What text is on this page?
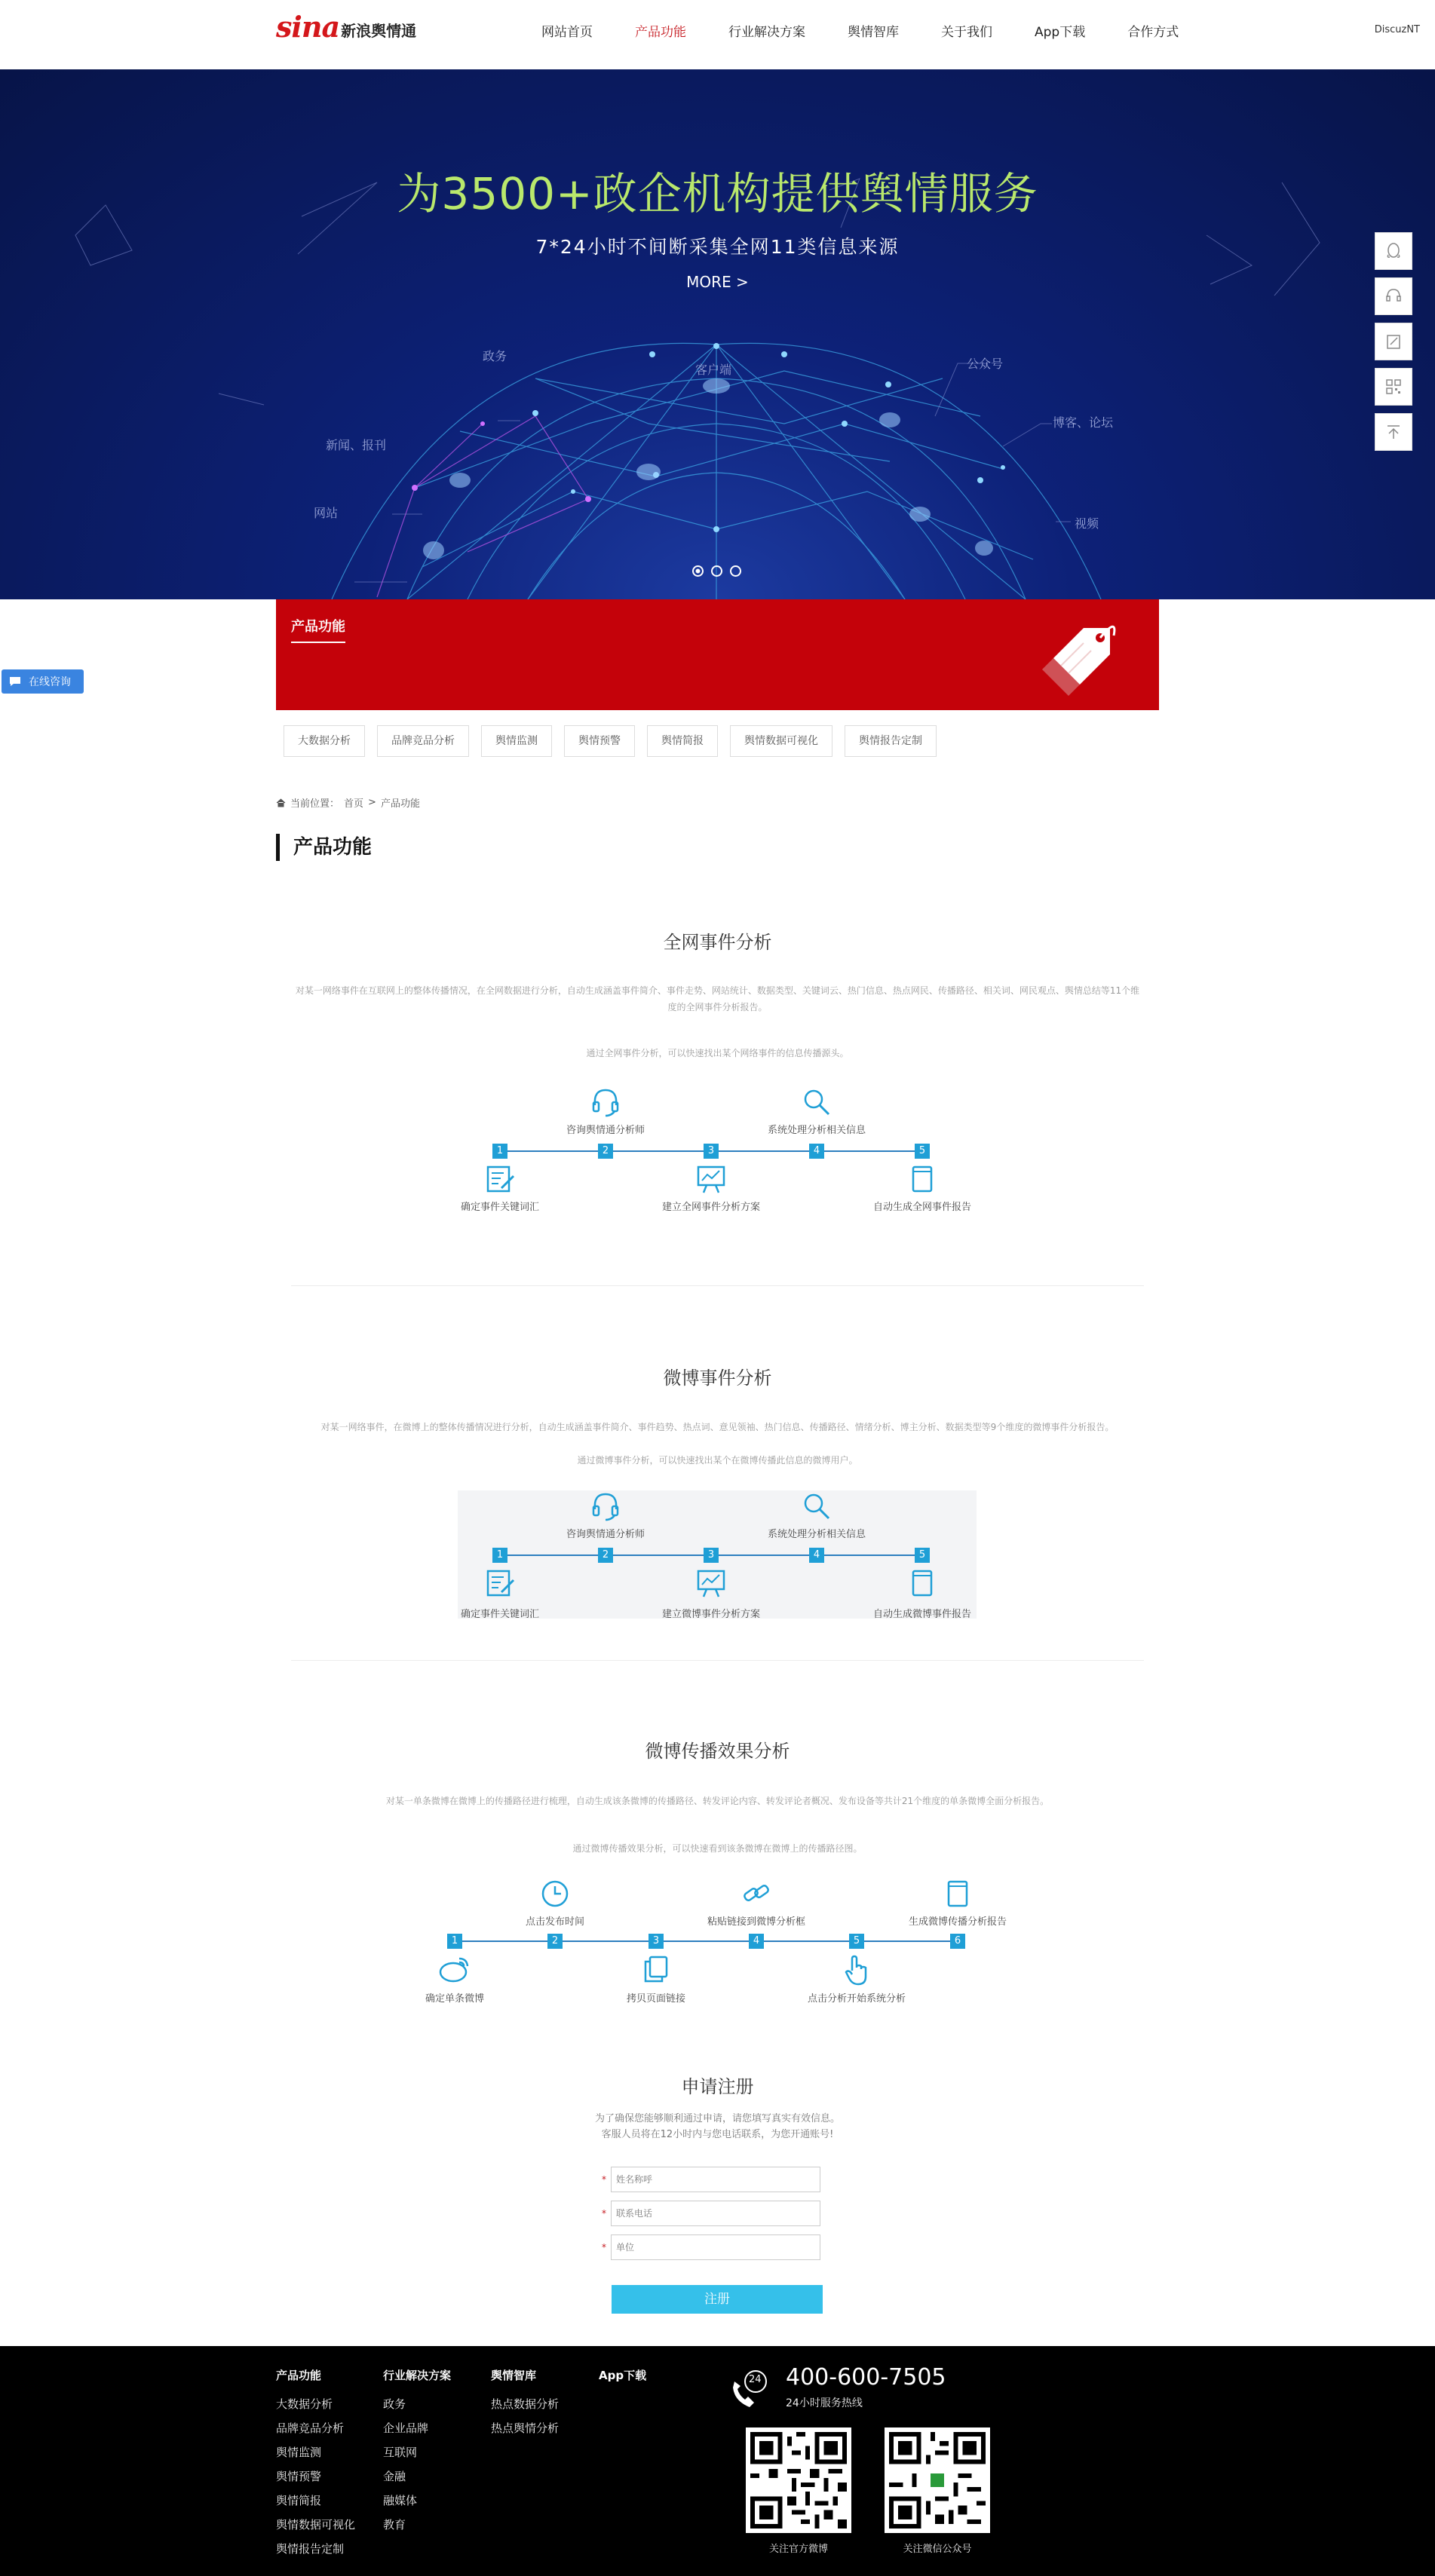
sina 新浪舆情通	网站首页	产品功能	行业解决方案	舆情智库	关于我们	App下载	合作方式	DiscuzNT
为3500+政企机构提供舆情服务
7*24小时不间断采集全网11类信息来源
MORE >
政务
客户端	公众号
新闻、报刊
博客、论坛
网站
视频
在线咨询
产品功能
大数据分析	品牌竞品分析	舆情监测	舆情预警	舆情简报	舆情数据可视化	舆情报告定制
当前位置： 首页 > 产品功能
产品功能
全网事件分析
对某一网络事件在互联网上的整体传播情况，在全网数据进行分析，自动生成涵盖事件简介、事件走势、网站统计、数据类型、关键词云、热门信息、热点网民、传播路径、相关词、网民观点、舆情总结等11个维度的全网事件分析报告。
通过全网事件分析，可以快速找出某个网络事件的信息传播源头。
1	2	3	4	5
咨询舆情通分析师	系统处理分析相关信息
确定事件关键词汇	建立全网事件分析方案	自动生成全网事件报告
微博事件分析
对某一网络事件，在微博上的整体传播情况进行分析，自动生成涵盖事件简介、事件趋势、热点词、意见领袖、热门信息、传播路径、情绪分析、博主分析、数据类型等9个维度的微博事件分析报告。
通过微博事件分析，可以快速找出某个在微博传播此信息的微博用户。
1	2	3	4	5
咨询舆情通分析师	系统处理分析相关信息
确定事件关键词汇	建立微博事件分析方案	自动生成微博事件报告
微博传播效果分析
对某一单条微博在微博上的传播路径进行梳理，自动生成该条微博的传播路径、转发评论内容、转发评论者概况、发布设备等共计21个维度的单条微博全面分析报告。
通过微博传播效果分析，可以快速看到该条微博在微博上的传播路径图。
1	2	3	4	5	6
点击发布时间	粘贴链接到微博分析框	生成微博传播分析报告
确定单条微博	拷贝页面链接	点击分析开始系统分析
申请注册
为了确保您能够顺利通过申请，请您填写真实有效信息。
客服人员将在12小时内与您电话联系，为您开通账号!
*
姓名称呼
*
联系电话
*
单位
注册
产品功能
大数据分析
品牌竞品分析
舆情监测
舆情预警
舆情简报
舆情数据可视化
舆情报告定制
行业解决方案
政务
企业品牌
互联网
金融
融媒体
教育
舆情智库
热点数据分析
热点舆情分析
App下载	24 400-600-7505
24小时服务热线
关注官方微博	关注微信公众号
